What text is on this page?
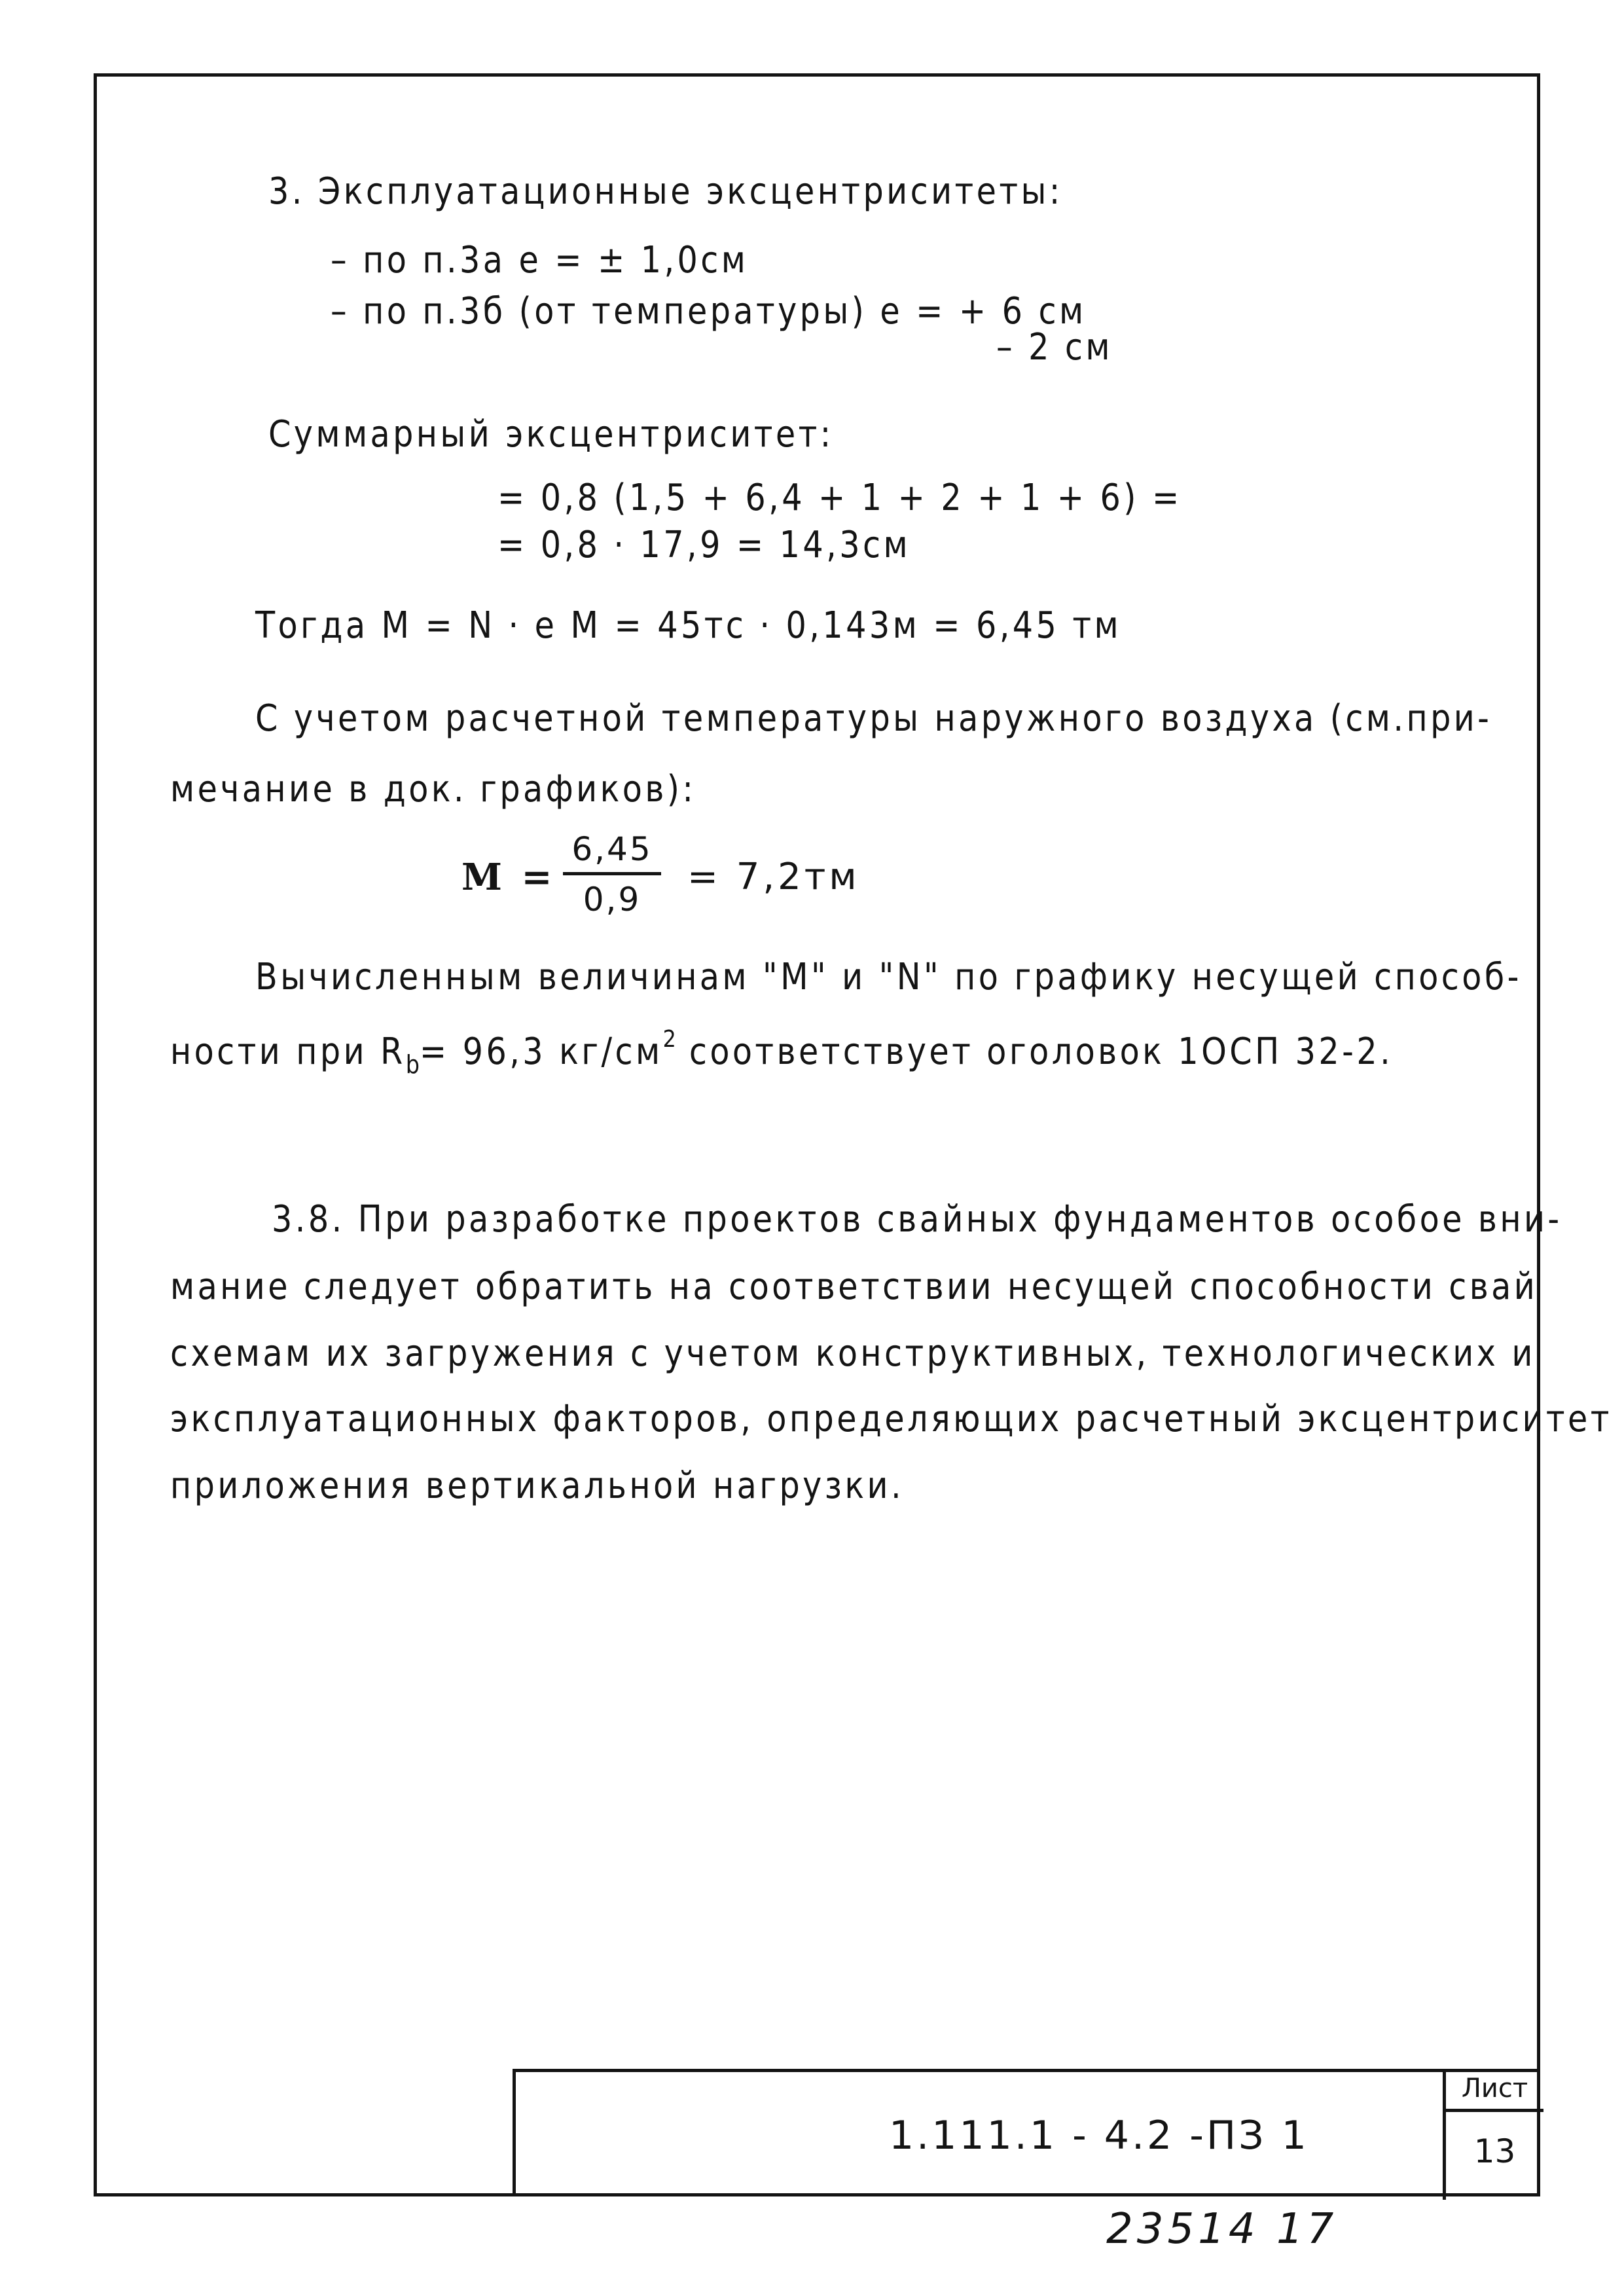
3. Эксплуатационные эксцентриситеты:
– по п.3а e = ± 1,0см
– по п.3б (от температуры) e = + 6 см
– 2 см
Суммарный эксцентриситет:
= 0,8 (1,5 + 6,4 + 1 + 2 + 1 + 6) =
= 0,8 · 17,9 = 14,3см
Тогда M = N · e M = 45тс · 0,143м = 6,45 тм
С учетом расчетной температуры наружного воздуха (см.при-
мечание в док. графиков):
M =
6,45
0,9
= 7,2тм
Вычисленным величинам "M" и "N" по графику несущей способ-
ности при $R_b= 96,3$ $кг/см^2$ соответствует оголовок 1ОСП 32-2.
3.8. При разработке проектов свайных фундаментов особое вни-
мание следует обратить на соответствии несущей способности свай
схемам их загружения с учетом конструктивных, технологических и
эксплуатационных факторов, определяющих расчетный эксцентриситет
приложения вертикальной нагрузки.
1.111.1 - 4.2 -ПЗ 1
Лист
13
23514 17
